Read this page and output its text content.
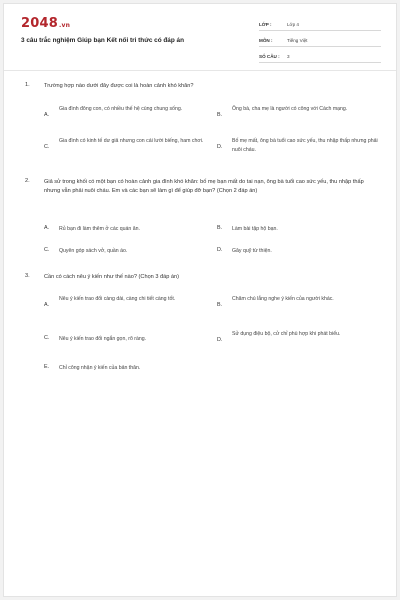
2048.vn
3 câu trắc nghiệm Giúp bạn Kết nối tri thức có đáp án
LỚP :	Lớp 4
MÔN :	Tiếng Việt
SỐ CÂU :	3
1.	Trường hợp nào dưới đây được coi là hoàn cảnh khó khăn?
A.
Gia đình đông con, có nhiều thế hệ cùng chung sống.
B.
Ông bà, cha mẹ là người có công với Cách mạng.
C.
Gia đình có kinh tế dư giả nhưng con cái lười biếng, ham chơi.
D.
Bố mẹ mất, ông bà tuổi cao sức yếu, thu nhập thấp nhưng phải nuôi cháu.
2.	Giả sử trong khối có một bạn có hoàn cảnh gia đình khó khăn: bố mẹ bạn mất do tai nạn, ông bà tuổi cao sức yếu, thu nhập thấp nhưng vẫn phải nuôi cháu. Em và các bạn sẽ làm gì để giúp đỡ bạn? (Chọn 2 đáp án)
A. Rủ bạn đi làm thêm ở các quán ăn.	B. Làm bài tập hộ bạn.
C. Quyên góp sách vở, quần áo.	D. Gây quỹ từ thiện.
3.	Cần có cách nêu ý kiến như thế nào? (Chọn 3 đáp án)
A.
Nêu ý kiến trao đổi càng dài, càng chi tiết càng tốt.
B.
Chăm chú lắng nghe ý kiến của người khác.
C. Nêu ý kiến trao đổi ngắn gọn, rõ ràng.	D.
Sử dụng điệu bộ, cử chỉ phù hợp khi phát biểu.
E. Chỉ công nhận ý kiến của bản thân.
